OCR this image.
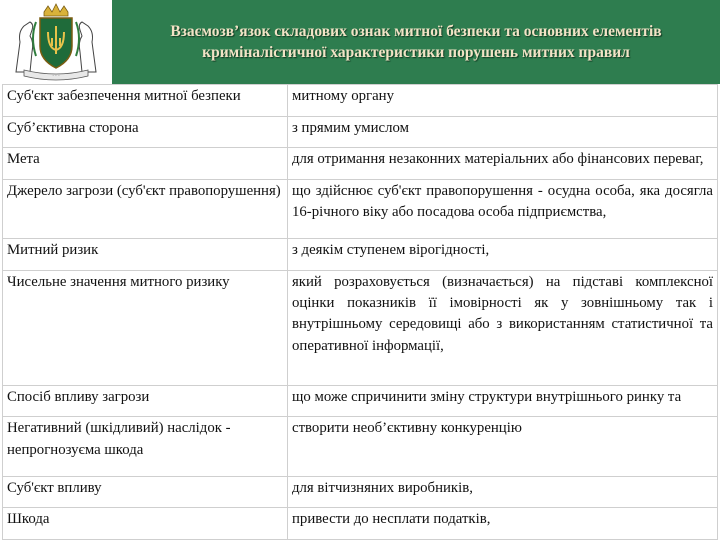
· · ·
Взаємозв’язок складових ознак митної безпеки та основних елементів криміналістичної характеристики порушень митних правил
Суб'єкт забезпечення митної безпеки	митному органу
Суб’єктивна сторона	з прямим умислом
Мета	для отримання незаконних матеріальних або фінансових переваг,
Джерело загрози (суб'єкт правопорушення)	що здійснює суб'єкт правопорушення - осудна особа, яка досягла 16-річного віку або посадова особа підприємства,
Митний ризик	з деякім ступенем вірогідності,
Чисельне значення митного ризику	який розраховується (визначається) на підставі комплексної оцінки показників її імовірності як у зовнішньому так і внутрішньому середовищі або з використанням статистичної та оперативної інформації,
Спосіб впливу загрози	що може спричинити зміну структури внутрішнього ринку та
Негативний (шкідливий) наслідок - непрогнозуєма шкода	створити необ’єктивну конкуренцію
Суб'єкт впливу	для вітчизняних виробників,
Шкода	привести до несплати податків,
